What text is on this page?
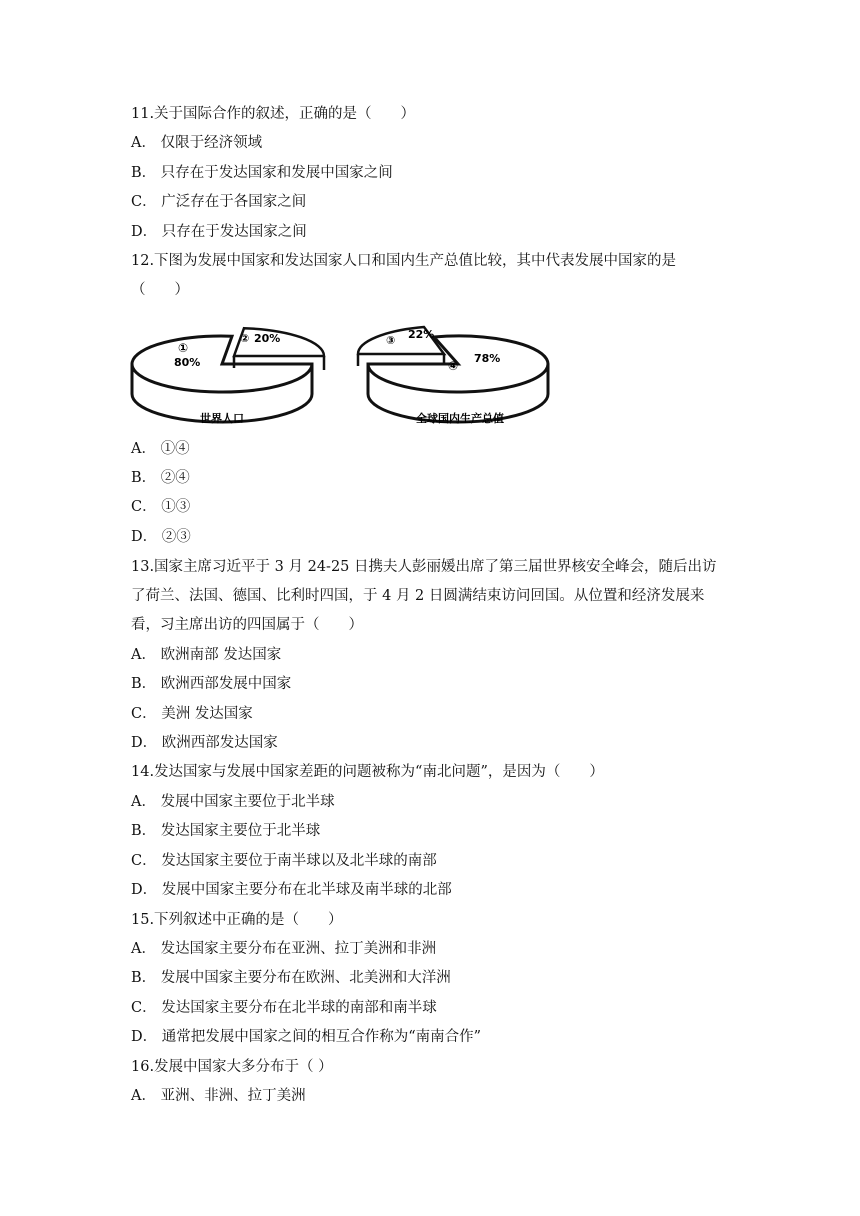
11.关于国际合作的叙述，正确的是（　　）
A． 仅限于经济领域
B． 只存在于发达国家和发展中国家之间
C． 广泛存在于各国家之间
D． 只存在于发达国家之间
12.下图为发展中国家和发达国家人口和国内生产总值比较，其中代表发展中国家的是
（　　）
①
80%
② 20%
世界人口
③ 22%
④
78%
全球国内生产总值
A． ①④
B． ②④
C． ①③
D． ②③
13.国家主席习近平于 3 月 24-25 日携夫人彭丽媛出席了第三届世界核安全峰会，随后出访
了荷兰、法国、德国、比利时四国，于 4 月 2 日圆满结束访问回国。从位置和经济发展来
看，习主席出访的四国属于（　　）
A． 欧洲南部 发达国家
B． 欧洲西部发展中国家
C． 美洲 发达国家
D． 欧洲西部发达国家
14.发达国家与发展中国家差距的问题被称为“南北问题”，是因为（　　）
A． 发展中国家主要位于北半球
B． 发达国家主要位于北半球
C． 发达国家主要位于南半球以及北半球的南部
D． 发展中国家主要分布在北半球及南半球的北部
15.下列叙述中正确的是（　　）
A． 发达国家主要分布在亚洲、拉丁美洲和非洲
B． 发展中国家主要分布在欧洲、北美洲和大洋洲
C． 发达国家主要分布在北半球的南部和南半球
D． 通常把发展中国家之间的相互合作称为“南南合作”
16.发展中国家大多分布于（ ）
A． 亚洲、非洲、拉丁美洲
